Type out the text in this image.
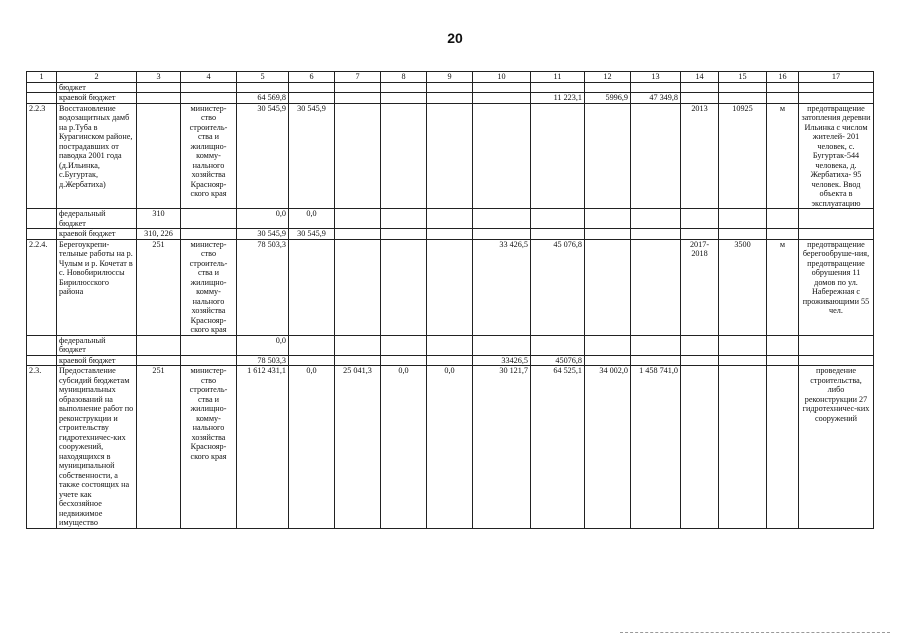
20
1	2	3	4	5	6	7	8	9	10	11	12	13	14	15	16	17
	бюджет															
	краевой бюджет			64 569,8						11 223,1	5996,9	47 349,8				
2.2.3	Восстановление водозащитных дамб на р.Туба в Курагинском районе, пострадавших от паводка 2001 года (д.Ильинка, с.Бугуртак, д.Жербатиха)		министер-ство строитель-ства и жилищно-комму-нального хозяйства Краснояр-ского края	30 545,9	30 545,9								2013	10925	м	предотвращение затопления деревни Ильинка с числом жителей- 201 человек, с. Бугуртак-544 человека, д. Жербатиха- 95 человек. Ввод объекта в эксплуатацию
	федеральный бюджет	310		0,0	0,0											
	краевой бюджет	310, 226		30 545,9	30 545,9											
2.2.4.	Берегоукрепи-тельные работы на р. Чулым и р. Кочетат в с. Новобирилюссы Бирилюсского района	251	министер-ство строитель-ства и жилищно-комму-нального хозяйства Краснояр-ского края	78 503,3					33 426,5	45 076,8			2017-2018	3500	м	предотвращение берегообруше-ния, предотвращение обрушения 11 домов по ул. Набережная с проживающими 55 чел.
	федеральный бюджет			0,0												
	краевой бюджет			78 503,3					33426,5	45076,8						
2.3.	Предоставление субсидий бюджетам муниципальных образований на выполнение работ по реконструкции и строительству гидротехничес-ких сооружений, находящихся в муниципальной собственности, а также состоящих на учете как бесхозяйное недвижимое имущество	251	министер-ство строитель-ства и жилищно-комму-нального хозяйства Краснояр-ского края	1 612 431,1	0,0	25 041,3	0,0	0,0	30 121,7	64 525,1	34 002,0	1 458 741,0				проведение строительства, либо реконструкции 27 гидротехничес-ких сооружений
